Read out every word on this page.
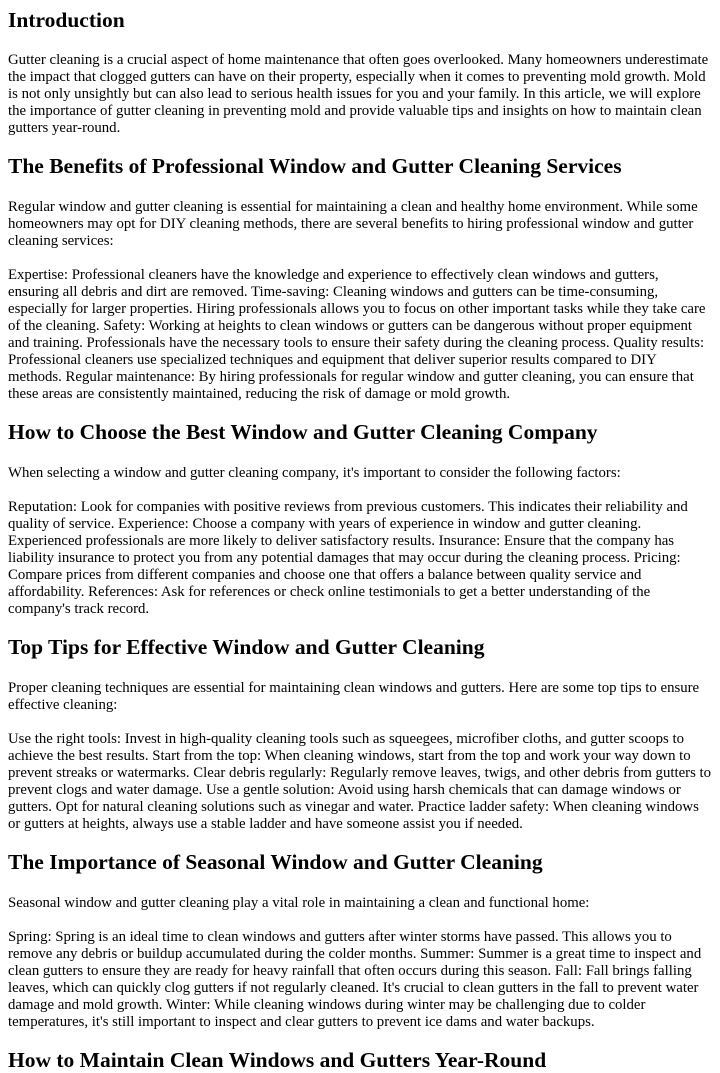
Introduction

Gutter cleaning is a crucial aspect of home maintenance that often goes overlooked. Many homeowners underestimate the impact that clogged gutters can have on their property, especially when it comes to preventing mold growth. Mold is not only unsightly but can also lead to serious health issues for you and your family. In this article, we will explore the importance of gutter cleaning in preventing mold and provide valuable tips and insights on how to maintain clean gutters year-round.

The Benefits of Professional Window and Gutter Cleaning Services

Regular window and gutter cleaning is essential for maintaining a clean and healthy home environment. While some homeowners may opt for DIY cleaning methods, there are several benefits to hiring professional window and gutter cleaning services:

Expertise: Professional cleaners have the knowledge and experience to effectively clean windows and gutters, ensuring all debris and dirt are removed. Time-saving: Cleaning windows and gutters can be time-consuming, especially for larger properties. Hiring professionals allows you to focus on other important tasks while they take care of the cleaning. Safety: Working at heights to clean windows or gutters can be dangerous without proper equipment and training. Professionals have the necessary tools to ensure their safety during the cleaning process. Quality results: Professional cleaners use specialized techniques and equipment that deliver superior results compared to DIY methods. Regular maintenance: By hiring professionals for regular window and gutter cleaning, you can ensure that these areas are consistently maintained, reducing the risk of damage or mold growth.

How to Choose the Best Window and Gutter Cleaning Company

When selecting a window and gutter cleaning company, it's important to consider the following factors:

Reputation: Look for companies with positive reviews from previous customers. This indicates their reliability and quality of service. Experience: Choose a company with years of experience in window and gutter cleaning. Experienced professionals are more likely to deliver satisfactory results. Insurance: Ensure that the company has liability insurance to protect you from any potential damages that may occur during the cleaning process. Pricing: Compare prices from different companies and choose one that offers a balance between quality service and affordability. References: Ask for references or check online testimonials to get a better understanding of the company's track record.

Top Tips for Effective Window and Gutter Cleaning

Proper cleaning techniques are essential for maintaining clean windows and gutters. Here are some top tips to ensure effective cleaning:

Use the right tools: Invest in high-quality cleaning tools such as squeegees, microfiber cloths, and gutter scoops to achieve the best results. Start from the top: When cleaning windows, start from the top and work your way down to prevent streaks or watermarks. Clear debris regularly: Regularly remove leaves, twigs, and other debris from gutters to prevent clogs and water damage. Use a gentle solution: Avoid using harsh chemicals that can damage windows or gutters. Opt for natural cleaning solutions such as vinegar and water. Practice ladder safety: When cleaning windows or gutters at heights, always use a stable ladder and have someone assist you if needed.

The Importance of Seasonal Window and Gutter Cleaning

Seasonal window and gutter cleaning play a vital role in maintaining a clean and functional home:

Spring: Spring is an ideal time to clean windows and gutters after winter storms have passed. This allows you to remove any debris or buildup accumulated during the colder months. Summer: Summer is a great time to inspect and clean gutters to ensure they are ready for heavy rainfall that often occurs during this season. Fall: Fall brings falling leaves, which can quickly clog gutters if not regularly cleaned. It's crucial to clean gutters in the fall to prevent water damage and mold growth. Winter: While cleaning windows during winter may be challenging due to colder temperatures, it's still important to inspect and clear gutters to prevent ice dams and water backups.

How to Maintain Clean Windows and Gutters Year-Round
